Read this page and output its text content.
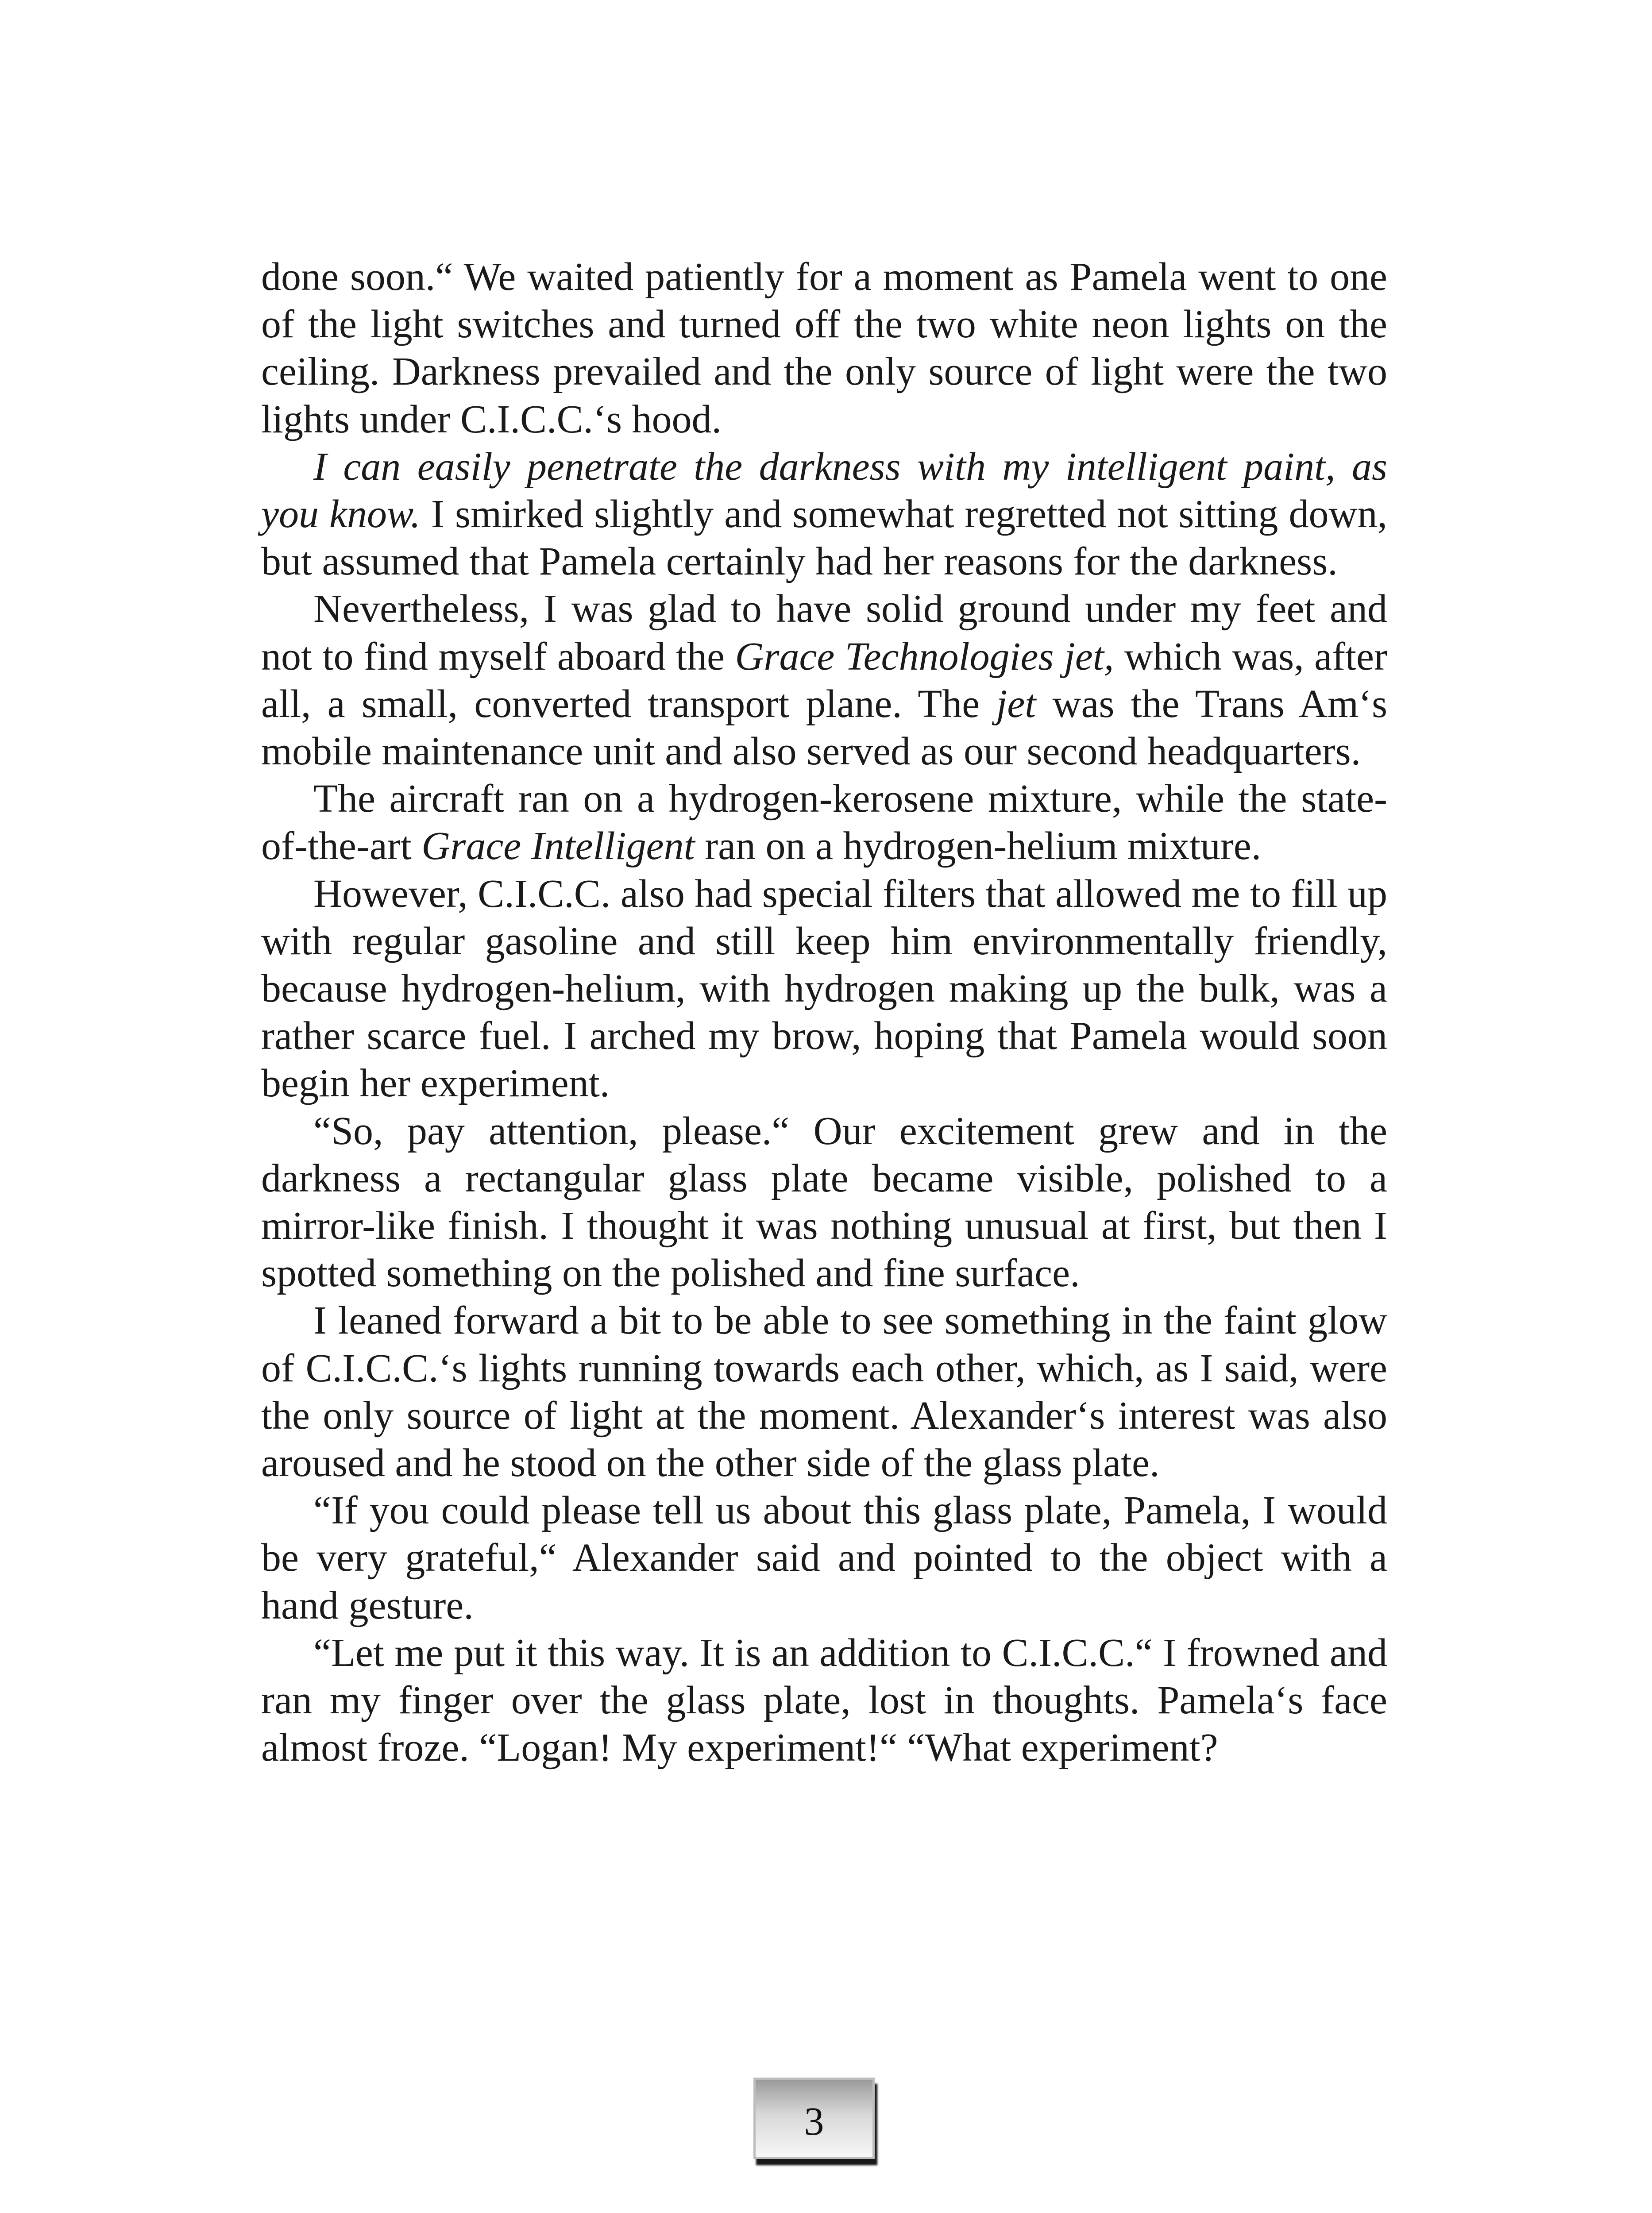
done soon.“ We waited patiently for a moment as Pamela went to one of the light switches and turned off the two white neon lights on the ceiling. Darkness prevailed and the only source of light were the two lights under C.I.C.C.‘s hood.

I can easily penetrate the darkness with my intelligent paint, as you know. I smirked slightly and somewhat regretted not sitting down, but assumed that Pamela certainly had her reasons for the darkness.

Nevertheless, I was glad to have solid ground under my feet and not to find myself aboard the Grace Technologies jet, which was, after all, a small, converted transport plane. The jet was the Trans Am‘s mobile maintenance unit and also served as our second headquarters.

The aircraft ran on a hydrogen-kerosene mixture, while the state-of-the-art Grace Intelligent ran on a hydrogen-helium mixture.

However, C.I.C.C. also had special filters that allowed me to fill up with regular gasoline and still keep him environmentally friendly, because hydrogen-helium, with hydrogen making up the bulk, was a rather scarce fuel. I arched my brow, hoping that Pamela would soon begin her experiment.

“So, pay attention, please.“ Our excitement grew and in the darkness a rectangular glass plate became visible, polished to a mirror-like finish. I thought it was nothing unusual at first, but then I spotted something on the polished and fine surface.

I leaned forward a bit to be able to see something in the faint glow of C.I.C.C.‘s lights running towards each other, which, as I said, were the only source of light at the moment. Alexander‘s interest was also aroused and he stood on the other side of the glass plate.

“If you could please tell us about this glass plate, Pamela, I would be very grateful,“ Alexander said and pointed to the object with a hand gesture.

“Let me put it this way. It is an addition to C.I.C.C.“ I frowned and ran my finger over the glass plate, lost in thoughts. Pamela‘s face almost froze. “Logan! My experiment!“ “What experiment?

3
